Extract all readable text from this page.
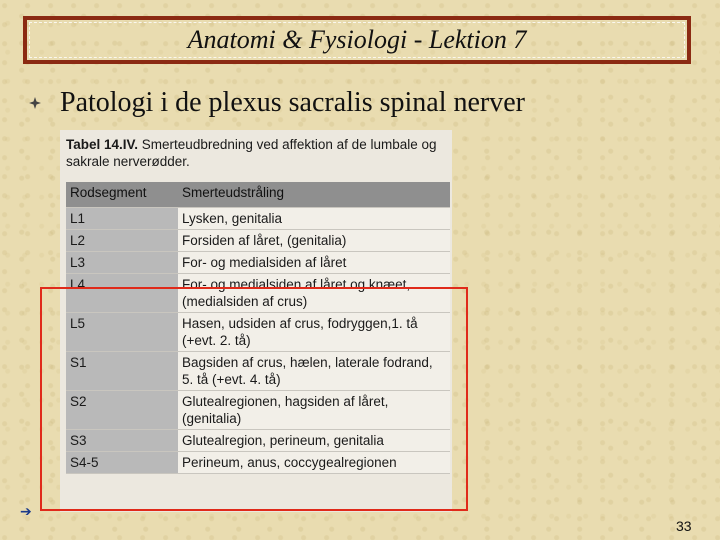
Anatomi & Fysiologi - Lektion 7
Patologi i de plexus sacralis spinal nerver
Tabel 14.IV. Smerteudbredning ved affektion af de lumbale og sakrale nerverødder.
Rodsegment	Smerteudstråling
L1	Lysken, genitalia
L2	Forsiden af låret, (genitalia)
L3	For- og medialsiden af låret
L4	For- og medialsiden af låret og knæet, (medialsiden af crus)
L5	Hasen, udsiden af crus, fodryggen,1. tå (+evt. 2. tå)
S1	Bagsiden af crus, hælen, laterale fodrand, 5. tå (+evt. 4. tå)
S2	Glutealregionen, hagsiden af låret, (genitalia)
S3	Glutealregion, perineum, genitalia
S4-5	Perineum, anus, coccygealregionen
➔
33
